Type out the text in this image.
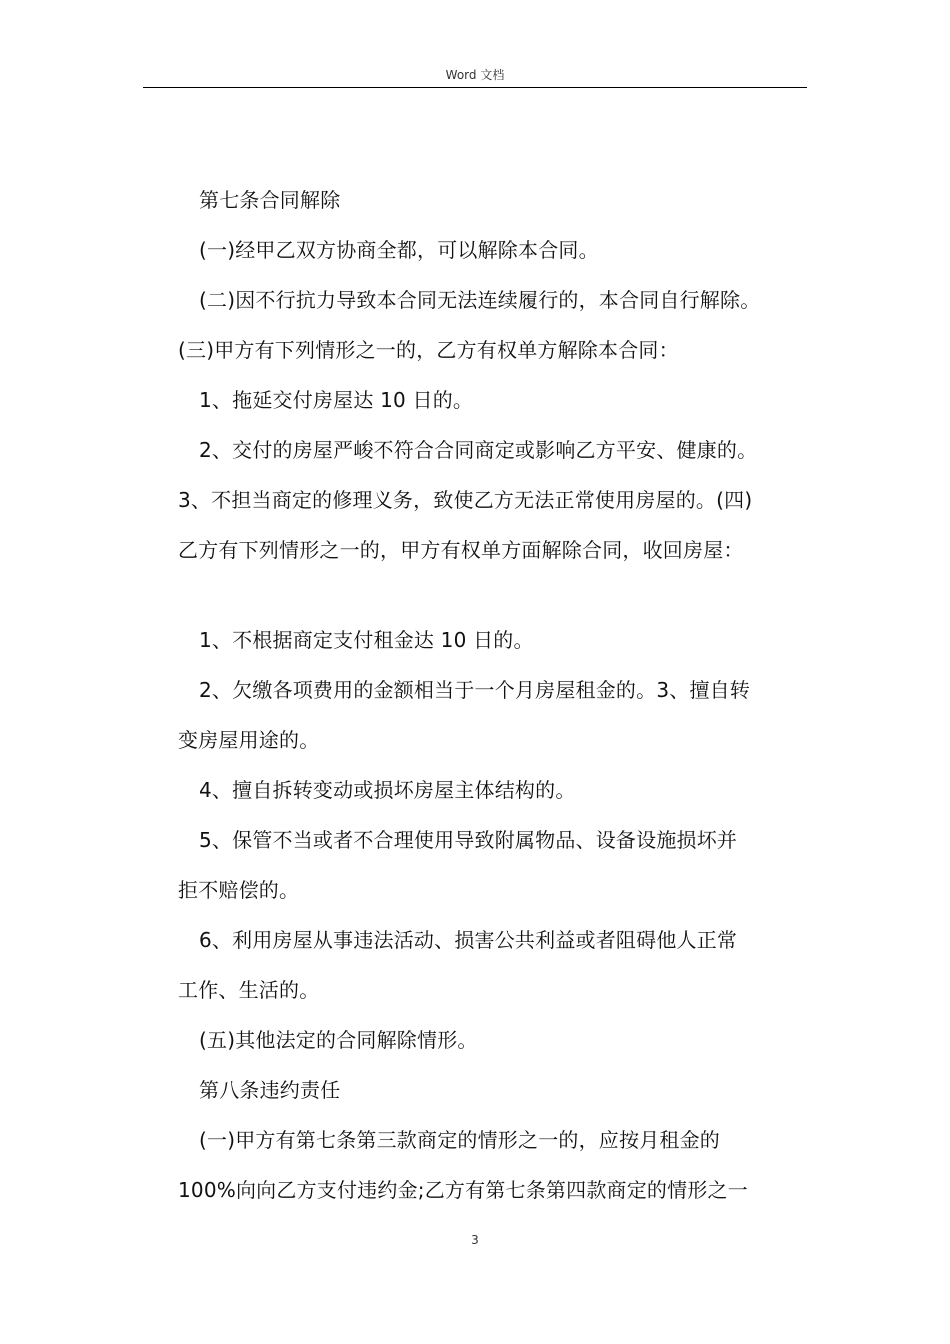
Word 文档
第七条合同解除
(一)经甲乙双方协商全都，可以解除本合同。
(二)因不行抗力导致本合同无法连续履行的，本合同自行解除。
(三)甲方有下列情形之一的，乙方有权单方解除本合同：
1、拖延交付房屋达 10 日的。
2、交付的房屋严峻不符合合同商定或影响乙方平安、健康的。
3、不担当商定的修理义务，致使乙方无法正常使用房屋的。(四)
乙方有下列情形之一的，甲方有权单方面解除合同，收回房屋：
1、不根据商定支付租金达 10 日的。
2、欠缴各项费用的金额相当于一个月房屋租金的。3、擅自转
变房屋用途的。
4、擅自拆转变动或损坏房屋主体结构的。
5、保管不当或者不合理使用导致附属物品、设备设施损坏并
拒不赔偿的。
6、利用房屋从事违法活动、损害公共利益或者阻碍他人正常
工作、生活的。
(五)其他法定的合同解除情形。
第八条违约责任
(一)甲方有第七条第三款商定的情形之一的，应按月租金的
100%向向乙方支付违约金;乙方有第七条第四款商定的情形之一
3
